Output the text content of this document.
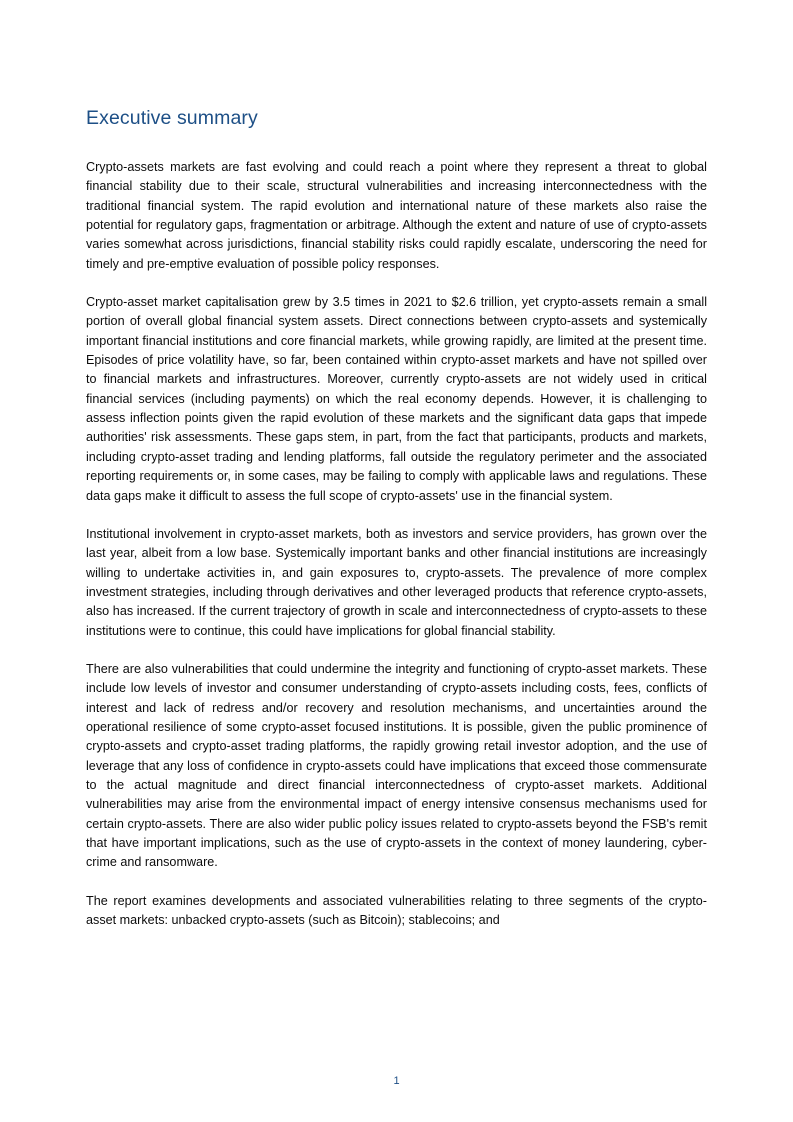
Executive summary

Crypto-assets markets are fast evolving and could reach a point where they represent a threat to global financial stability due to their scale, structural vulnerabilities and increasing interconnectedness with the traditional financial system. The rapid evolution and international nature of these markets also raise the potential for regulatory gaps, fragmentation or arbitrage. Although the extent and nature of use of crypto-assets varies somewhat across jurisdictions, financial stability risks could rapidly escalate, underscoring the need for timely and pre-emptive evaluation of possible policy responses.

Crypto-asset market capitalisation grew by 3.5 times in 2021 to $2.6 trillion, yet crypto-assets remain a small portion of overall global financial system assets. Direct connections between crypto-assets and systemically important financial institutions and core financial markets, while growing rapidly, are limited at the present time. Episodes of price volatility have, so far, been contained within crypto-asset markets and have not spilled over to financial markets and infrastructures. Moreover, currently crypto-assets are not widely used in critical financial services (including payments) on which the real economy depends. However, it is challenging to assess inflection points given the rapid evolution of these markets and the significant data gaps that impede authorities' risk assessments. These gaps stem, in part, from the fact that participants, products and markets, including crypto-asset trading and lending platforms, fall outside the regulatory perimeter and the associated reporting requirements or, in some cases, may be failing to comply with applicable laws and regulations. These data gaps make it difficult to assess the full scope of crypto-assets' use in the financial system.

Institutional involvement in crypto-asset markets, both as investors and service providers, has grown over the last year, albeit from a low base. Systemically important banks and other financial institutions are increasingly willing to undertake activities in, and gain exposures to, crypto-assets. The prevalence of more complex investment strategies, including through derivatives and other leveraged products that reference crypto-assets, also has increased. If the current trajectory of growth in scale and interconnectedness of crypto-assets to these institutions were to continue, this could have implications for global financial stability.

There are also vulnerabilities that could undermine the integrity and functioning of crypto-asset markets. These include low levels of investor and consumer understanding of crypto-assets including costs, fees, conflicts of interest and lack of redress and/or recovery and resolution mechanisms, and uncertainties around the operational resilience of some crypto-asset focused institutions. It is possible, given the public prominence of crypto-assets and crypto-asset trading platforms, the rapidly growing retail investor adoption, and the use of leverage that any loss of confidence in crypto-assets could have implications that exceed those commensurate to the actual magnitude and direct financial interconnectedness of crypto-asset markets. Additional vulnerabilities may arise from the environmental impact of energy intensive consensus mechanisms used for certain crypto-assets. There are also wider public policy issues related to crypto-assets beyond the FSB's remit that have important implications, such as the use of crypto-assets in the context of money laundering, cyber-crime and ransomware.

The report examines developments and associated vulnerabilities relating to three segments of the crypto-asset markets: unbacked crypto-assets (such as Bitcoin); stablecoins; and

1
